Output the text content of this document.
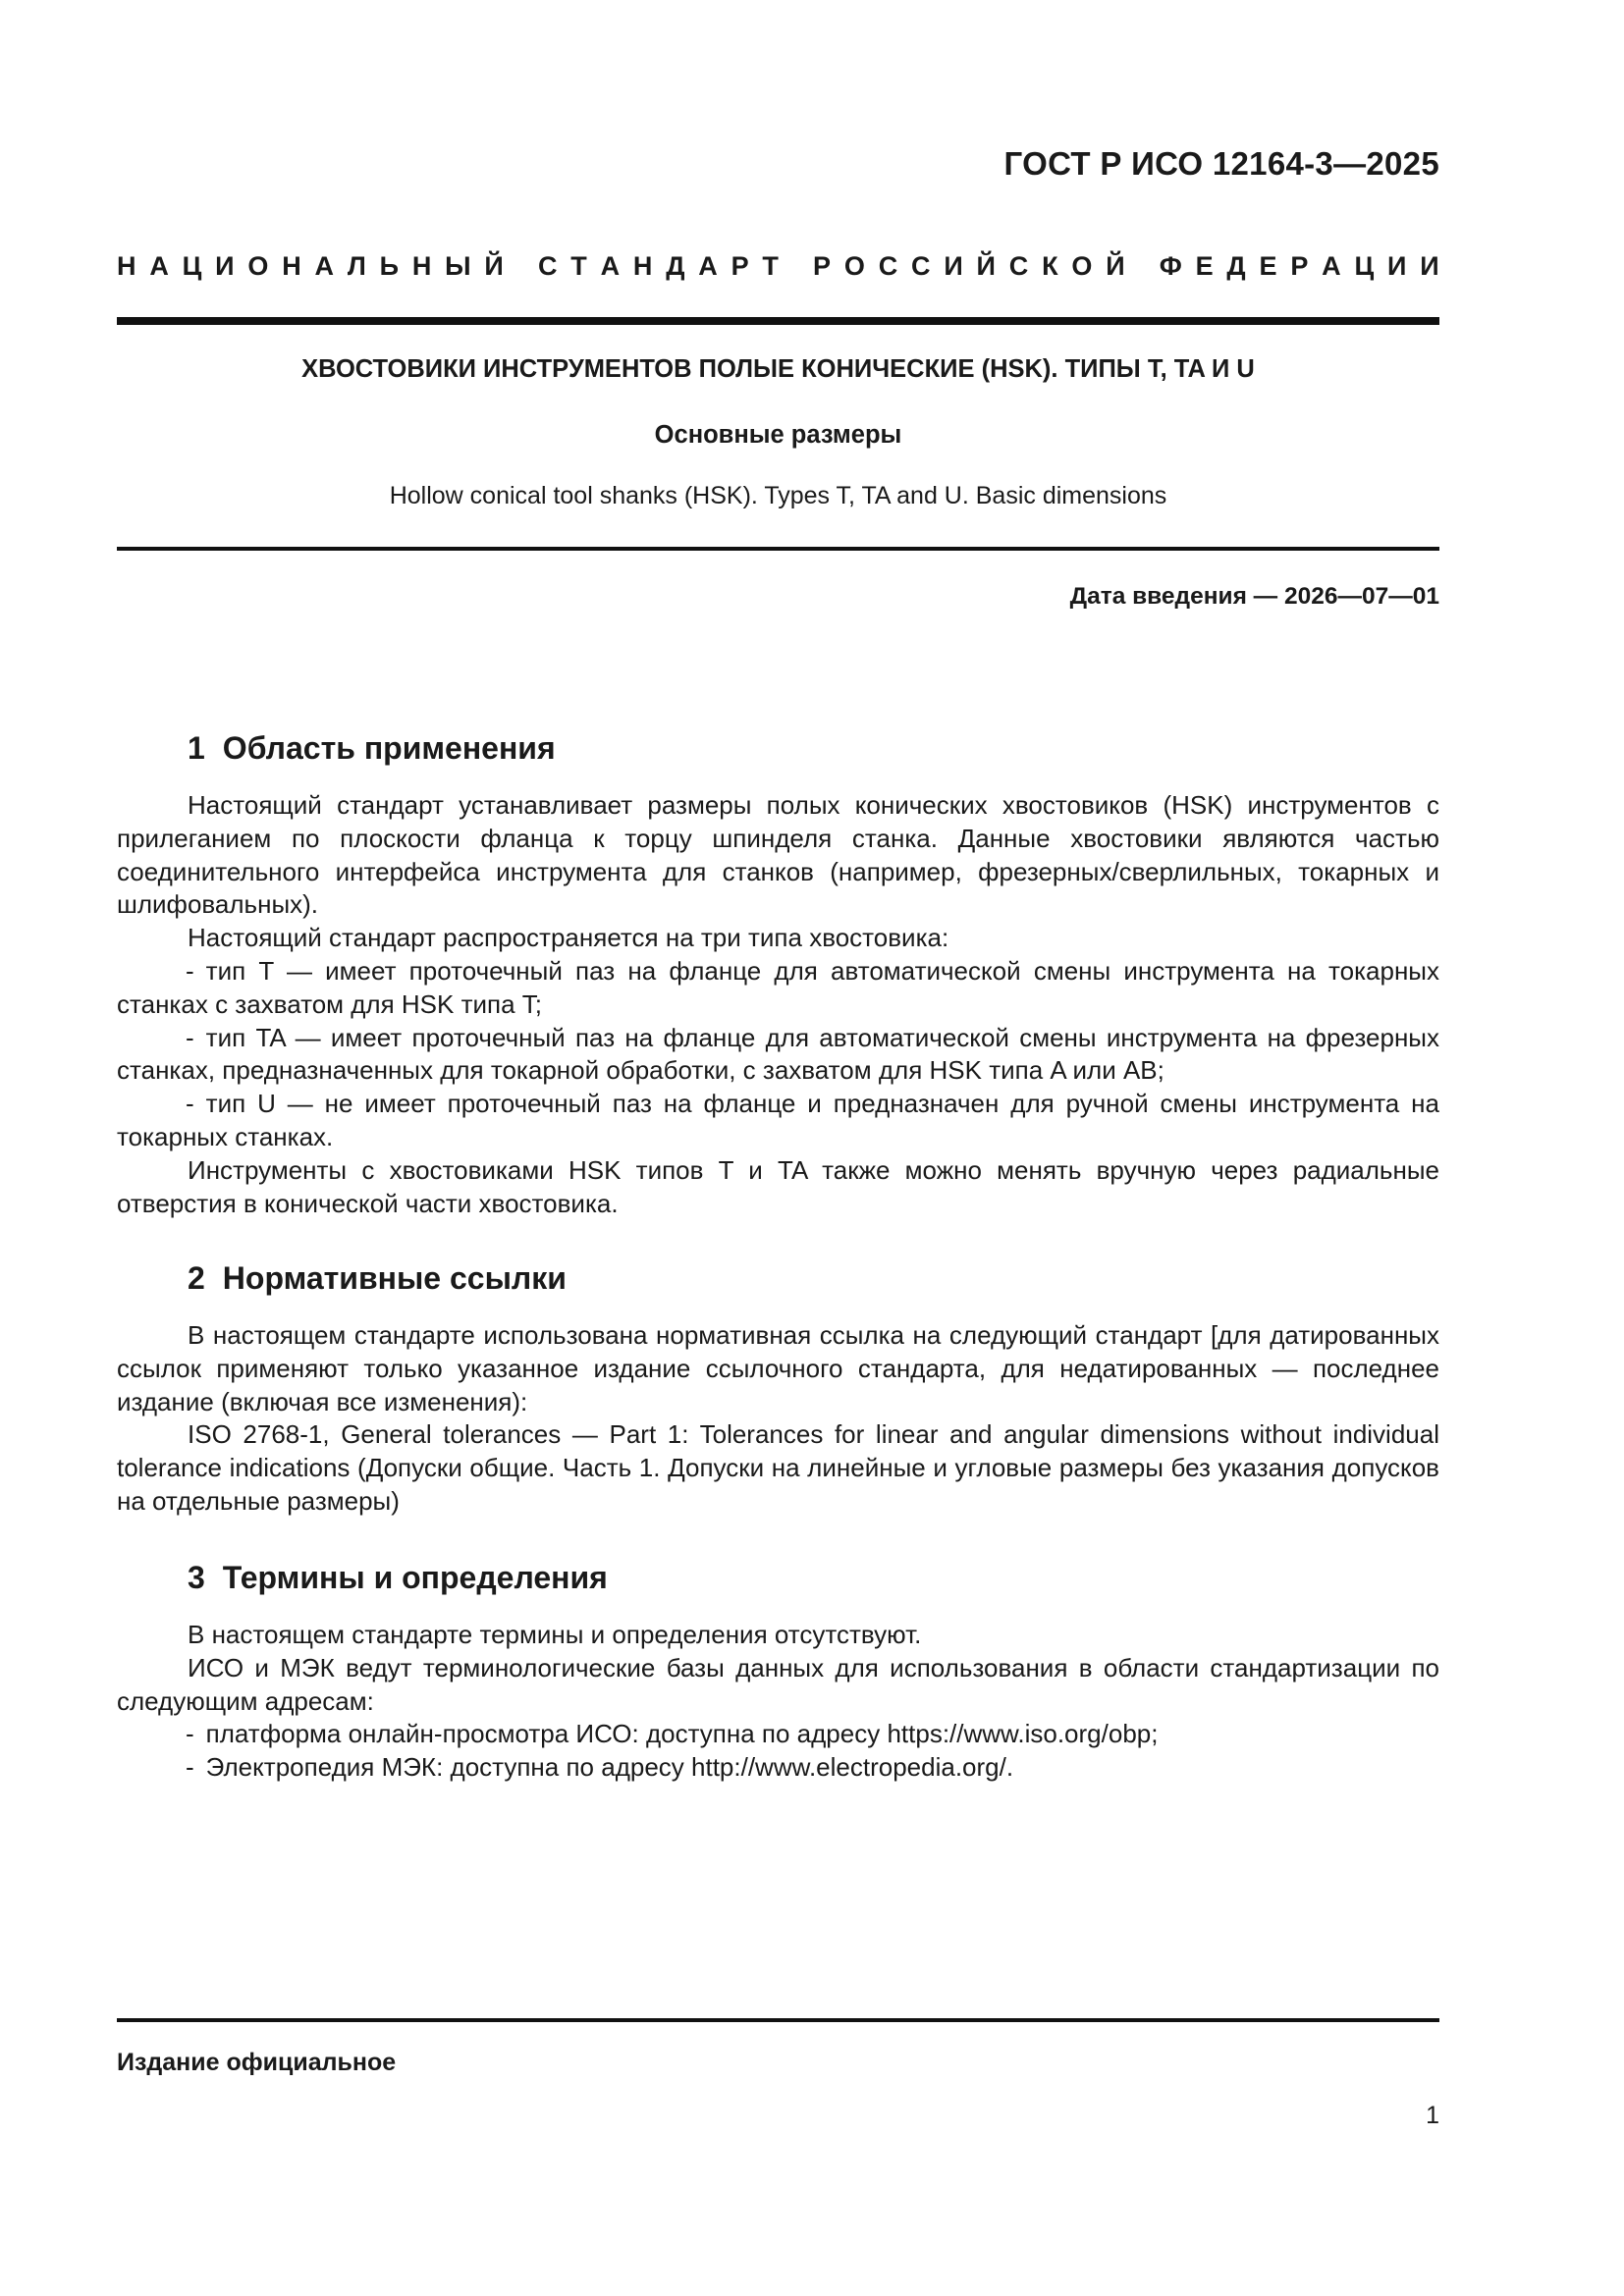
ГОСТ Р ИСО 12164-3—2025
Н А Ц И О Н А Л Ь Н Ы Й
С Т А Н Д А Р Т
Р О С С И Й С К О Й
Ф Е Д Е Р А Ц И И
ХВОСТОВИКИ ИНСТРУМЕНТОВ ПОЛЫЕ КОНИЧЕСКИЕ (HSK). ТИПЫ T, TA И U
Основные размеры
Hollow conical tool shanks (HSK). Types T, TA and U. Basic dimensions
Дата введения — 2026—07—01
1 Область применения

Настоящий стандарт устанавливает размеры полых конических хвостовиков (HSK) инструментов с прилеганием по плоскости фланца к торцу шпинделя станка. Данные хвостовики являются частью соединительного интерфейса инструмента для станков (например, фрезерных/сверлильных, токарных и шлифовальных).

Настоящий стандарт распространяется на три типа хвостовика:

- тип T — имеет проточечный паз на фланце для автоматической смены инструмента на токарных станках с захватом для HSK типа T;

- тип TA — имеет проточечный паз на фланце для автоматической смены инструмента на фрезерных станках, предназначенных для токарной обработки, с захватом для HSK типа A или AB;

- тип U — не имеет проточечный паз на фланце и предназначен для ручной смены инструмента на токарных станках.

Инструменты с хвостовиками HSK типов T и TA также можно менять вручную через радиальные отверстия в конической части хвостовика.

2 Нормативные ссылки

В настоящем стандарте использована нормативная ссылка на следующий стандарт [для датированных ссылок применяют только указанное издание ссылочного стандарта, для недатированных — последнее издание (включая все изменения):

ISO 2768-1, General tolerances — Part 1: Tolerances for linear and angular dimensions without individual tolerance indications (Допуски общие. Часть 1. Допуски на линейные и угловые размеры без указания допусков на отдельные размеры)

3 Термины и определения

В настоящем стандарте термины и определения отсутствуют.

ИСО и МЭК ведут терминологические базы данных для использования в области стандартизации по следующим адресам:

- платформа онлайн-просмотра ИСО: доступна по адресу https://www.iso.org/obp;

- Электропедия МЭК: доступна по адресу http://www.electropedia.org/.

Издание официальное
1
